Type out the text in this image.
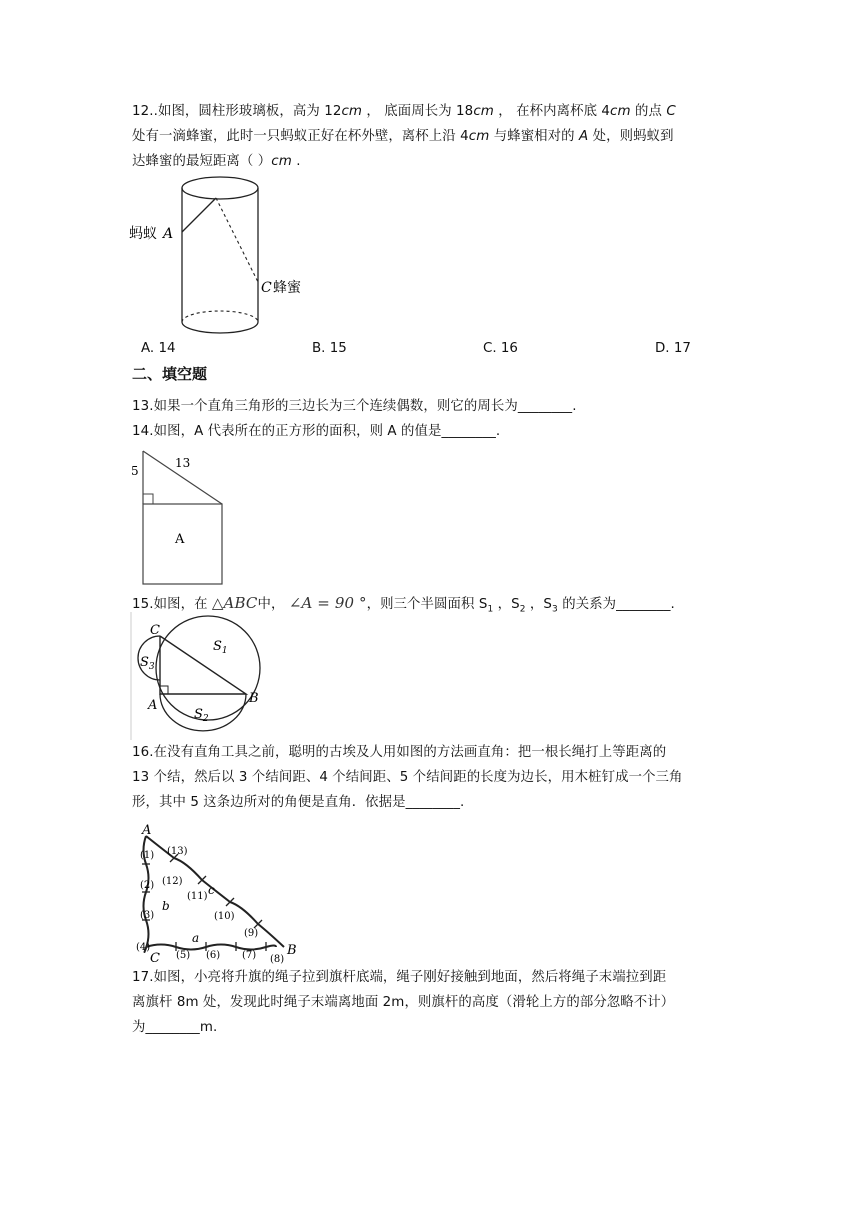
12..如图，圆柱形玻璃板，高为 12cm ， 底面周长为 18cm ， 在杯内离杯底 4cm 的点 C
处有一滴蜂蜜，此时一只蚂蚁正好在杯外壁，离杯上沿 4cm 与蜂蜜相对的 A 处，则蚂蚁到
达蜂蜜的最短距离（ ）cm .
蚂蚁 A
C 蜂蜜
A. 14	B. 15	C. 16	D. 17
二、填空题
13.如果一个直角三角形的三边长为三个连续偶数，则它的周长为________.
14.如图，A 代表所在的正方形的面积，则 A 的值是________.
5
13
A
15.如图，在 △ABC中， ∠A = 90 °，则三个半圆面积 $S_1$ ，$S_2$ ，$S_3$ 的关系为________.
C
A	B
$S_1$
$S_2$
$S_3$
16.在没有直角工具之前，聪明的古埃及人用如图的方法画直角：把一根长绳打上等距离的
13 个结，然后以 3 个结间距、4 个结间距、5 个结间距的长度为边长，用木桩钉成一个三角
形，其中 5 这条边所对的角便是直角．依据是________.
A
B
C
a
b
c
(1)
(2)
(3)
(4)
(5) (6) (7) (8)
(9)
(10)
(11)
(12)
(13)
17.如图，小亮将升旗的绳子拉到旗杆底端，绳子刚好接触到地面，然后将绳子末端拉到距
离旗杆 8m 处，发现此时绳子末端离地面 2m，则旗杆的高度（滑轮上方的部分忽略不计）
为________m.
